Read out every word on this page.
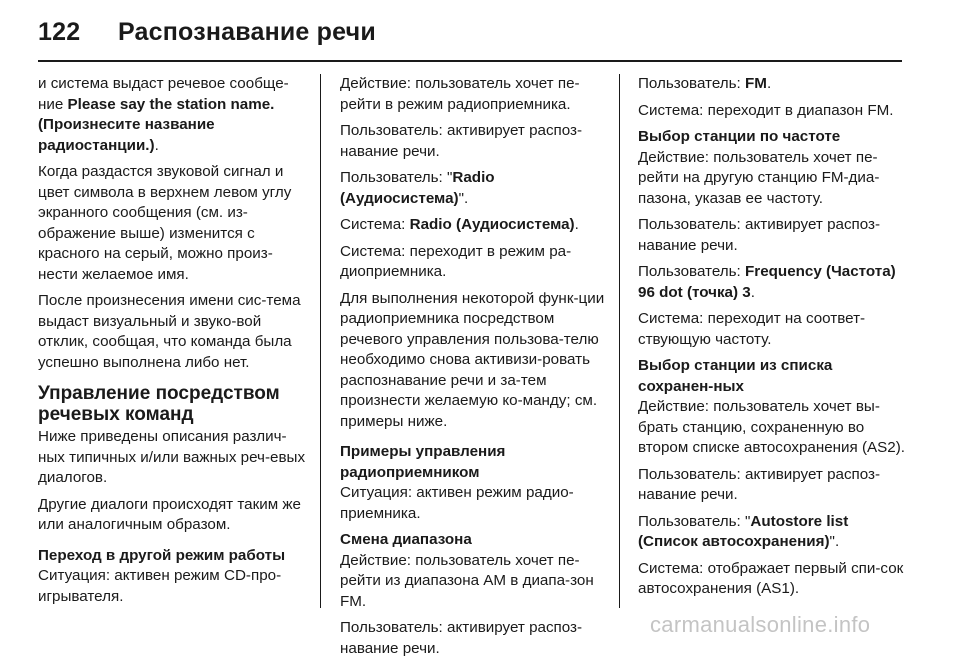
122 Распознавание речи

и система выдаст речевое сообще-ние Please say the station name. (Произнесите название радиостанции.).

Когда раздастся звуковой сигнал и цвет символа в верхнем левом углу экранного сообщения (см. из-ображение выше) изменится с красного на серый, можно произ-нести желаемое имя.

После произнесения имени сис-тема выдаст визуальный и звуко-вой отклик, сообщая, что команда была успешно выполнена либо нет.

Управление посредством речевых команд

Ниже приведены описания различ-ных типичных и/или важных реч-евых диалогов.

Другие диалоги происходят таким же или аналогичным образом.

Переход в другой режим работы

Ситуация: активен режим CD-про-игрывателя.

Действие: пользователь хочет пе-рейти в режим радиоприемника.

Пользователь: активирует распоз-навание речи.

Пользователь: "Radio (Аудиосистема)".

Система: Radio (Аудиосистема).

Система: переходит в режим ра-диоприемника.

Для выполнения некоторой функ-ции радиоприемника посредством речевого управления пользова-телю необходимо снова активизи-ровать распознавание речи и за-тем произнести желаемую ко-манду; см. примеры ниже.

Примеры управления радиоприемником

Ситуация: активен режим радио-приемника.

Смена диапазона

Действие: пользователь хочет пе-рейти из диапазона АМ в диапа-зон FM.

Пользователь: активирует распоз-навание речи.

Пользователь: FM.

Система: переходит в диапазон FM.

Выбор станции по частоте

Действие: пользователь хочет пе-рейти на другую станцию FM-диа-пазона, указав ее частоту.

Пользователь: активирует распоз-навание речи.

Пользователь: Frequency (Частота) 96 dot (точка) 3.

Система: переходит на соответ-ствующую частоту.

Выбор станции из списка сохранен-ных

Действие: пользователь хочет вы-брать станцию, сохраненную во втором списке автосохранения (AS2).

Пользователь: активирует распоз-навание речи.

Пользователь: "Autostore list (Список автосохранения)".

Система: отображает первый спи-сок автосохранения (AS1).

carmanualsonline.info
